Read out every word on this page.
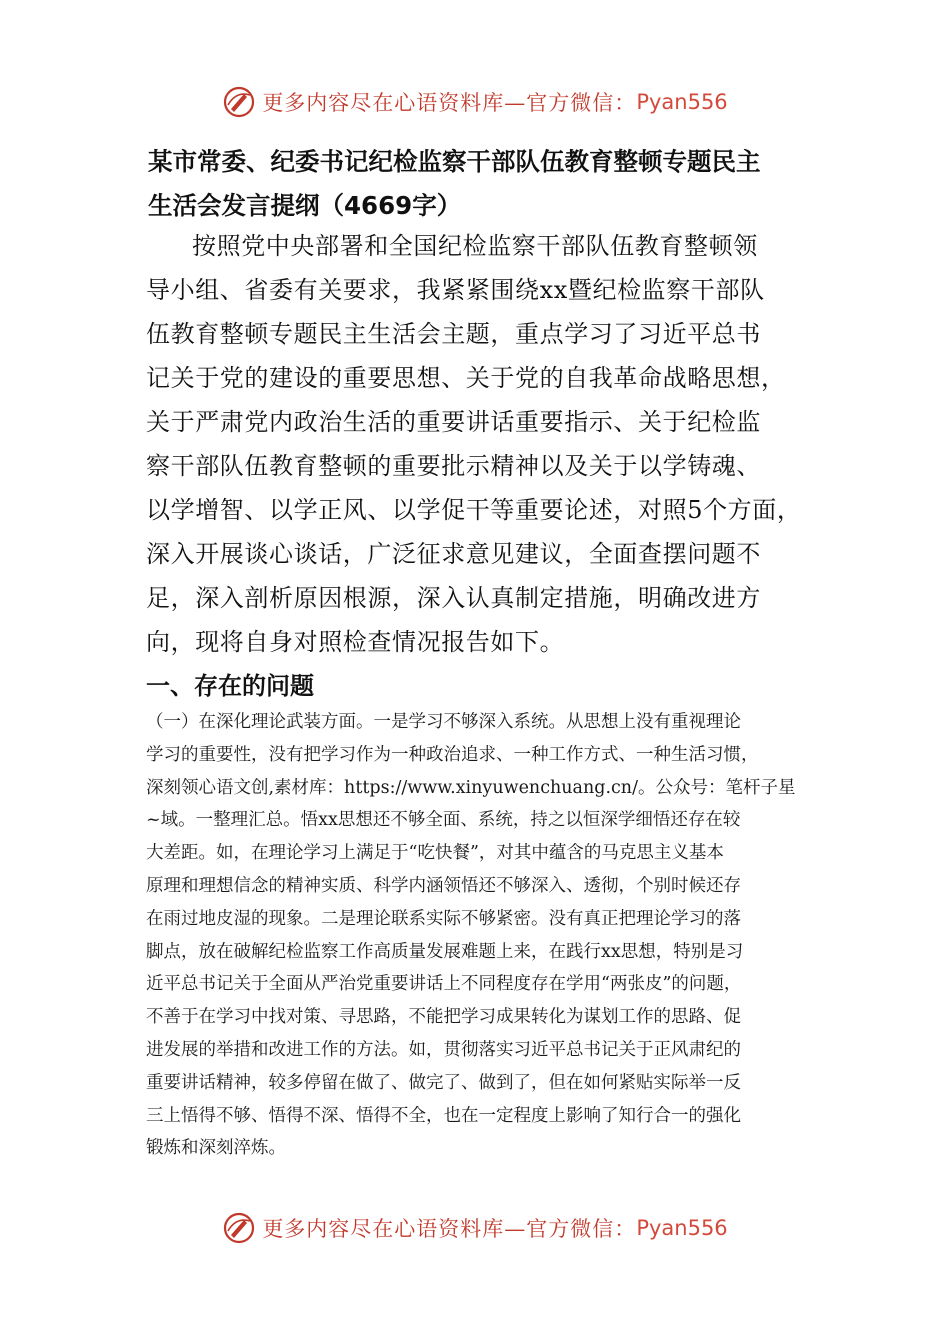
更多内容尽在心语资料库—官方微信： Pyan556
某市常委、纪委书记纪检监察干部队伍教育整顿专题民主
生活会发言提纲（4669字）
按照党中央部署和全国纪检监察干部队伍教育整顿领
导小组、省委有关要求，我紧紧围绕xx暨纪检监察干部队
伍教育整顿专题民主生活会主题，重点学习了习近平总书
记关于党的建设的重要思想、关于党的自我革命战略思想，
关于严肃党内政治生活的重要讲话重要指示、关于纪检监
察干部队伍教育整顿的重要批示精神以及关于以学铸魂、
以学增智、以学正风、以学促干等重要论述，对照5个方面，
深入开展谈心谈话，广泛征求意见建议，全面查摆问题不
足，深入剖析原因根源，深入认真制定措施，明确改进方
向，现将自身对照检查情况报告如下。
一、存在的问题
（一）在深化理论武装方面。一是学习不够深入系统。从思想上没有重视理论
学习的重要性，没有把学习作为一种政治追求、一种工作方式、一种生活习惯，
深刻领心语文创,素材库：https://www.xinyuwenchuang.cn/。公众号：笔杆子星
~域。一整理汇总。悟xx思想还不够全面、系统，持之以恒深学细悟还存在较
大差距。如，在理论学习上满足于“吃快餐”，对其中蕴含的马克思主义基本
原理和理想信念的精神实质、科学内涵领悟还不够深入、透彻，个别时候还存
在雨过地皮湿的现象。二是理论联系实际不够紧密。没有真正把理论学习的落
脚点，放在破解纪检监察工作高质量发展难题上来，在践行xx思想，特别是习
近平总书记关于全面从严治党重要讲话上不同程度存在学用“两张皮”的问题，
不善于在学习中找对策、寻思路，不能把学习成果转化为谋划工作的思路、促
进发展的举措和改进工作的方法。如，贯彻落实习近平总书记关于正风肃纪的
重要讲话精神，较多停留在做了、做完了、做到了，但在如何紧贴实际举一反
三上悟得不够、悟得不深、悟得不全，也在一定程度上影响了知行合一的强化
锻炼和深刻淬炼。
更多内容尽在心语资料库—官方微信： Pyan556
